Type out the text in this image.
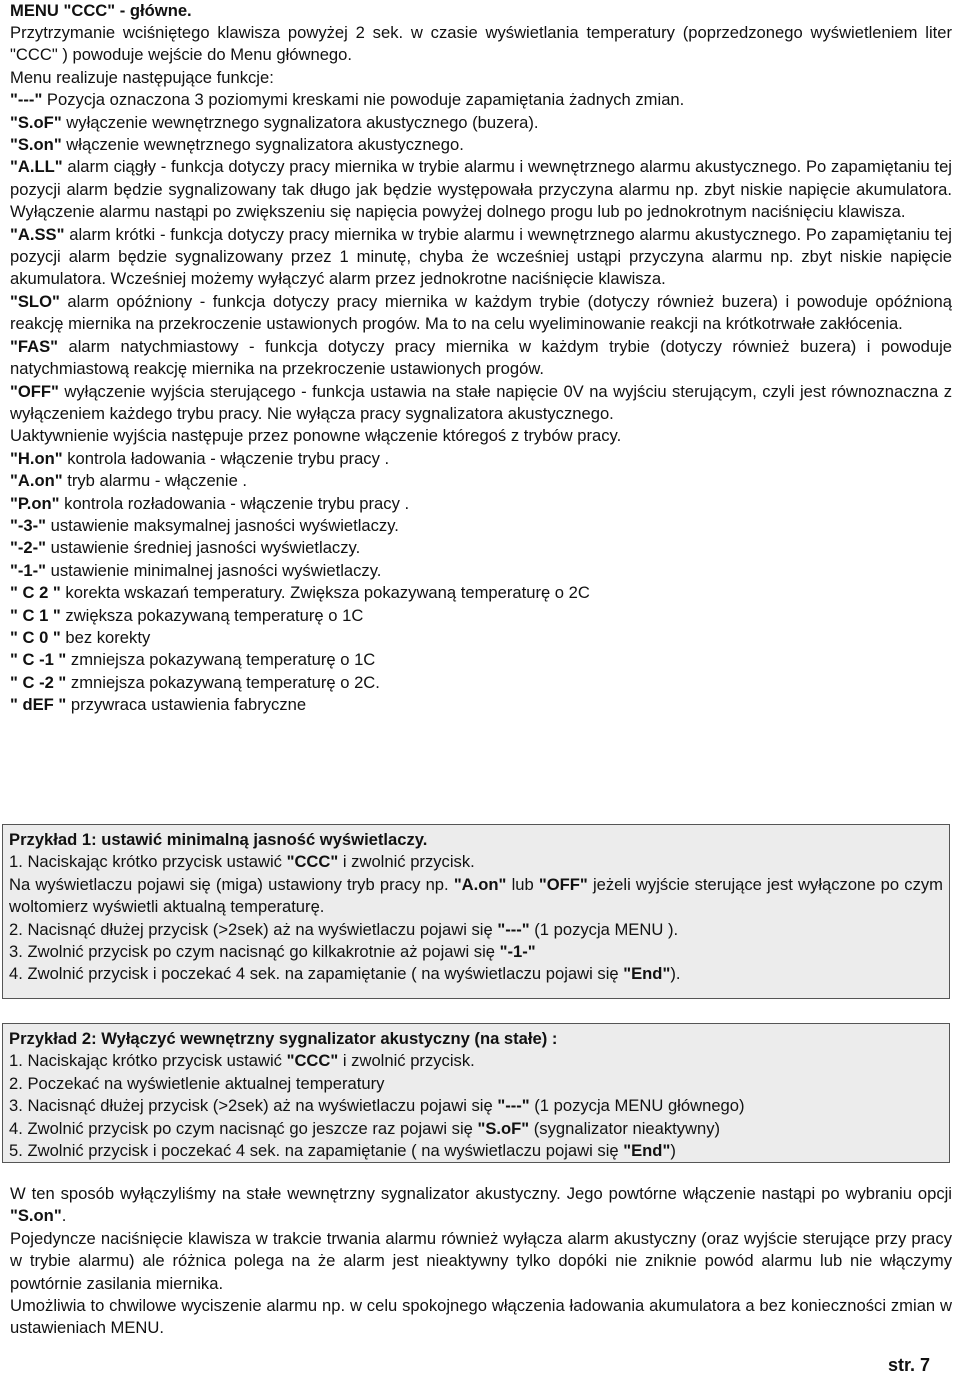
MENU "CCC" - główne.

Przytrzymanie wciśniętego klawisza powyżej 2 sek. w czasie wyświetlania temperatury (poprzedzonego wyświetleniem liter "CCC" ) powoduje wejście do Menu głównego.

Menu realizuje następujące funkcje:

"---" Pozycja oznaczona 3 poziomymi kreskami nie powoduje zapamiętania żadnych zmian.

"S.oF" wyłączenie wewnętrznego sygnalizatora akustycznego (buzera).

"S.on" włączenie wewnętrznego sygnalizatora akustycznego.

"A.LL" alarm ciągły - funkcja dotyczy pracy miernika w trybie alarmu i wewnętrznego alarmu akustycznego. Po zapamiętaniu tej pozycji alarm będzie sygnalizowany tak długo jak będzie występowała przyczyna alarmu np. zbyt niskie napięcie akumulatora. Wyłączenie alarmu nastąpi po zwiększeniu się napięcia powyżej dolnego progu lub po jednokrotnym naciśnięciu klawisza.

"A.SS" alarm krótki - funkcja dotyczy pracy miernika w trybie alarmu i wewnętrznego alarmu akustycznego. Po zapamiętaniu tej pozycji alarm będzie sygnalizowany przez 1 minutę, chyba że wcześniej ustąpi przyczyna alarmu np. zbyt niskie napięcie akumulatora. Wcześniej możemy wyłączyć alarm przez jednokrotne naciśnięcie klawisza.

"SLO" alarm opóźniony - funkcja dotyczy pracy miernika w każdym trybie (dotyczy również buzera) i powoduje opóźnioną reakcję miernika na przekroczenie ustawionych progów. Ma to na celu wyeliminowanie reakcji na krótkotrwałe zakłócenia.

"FAS" alarm natychmiastowy - funkcja dotyczy pracy miernika w każdym trybie (dotyczy również buzera) i powoduje natychmiastową reakcję miernika na przekroczenie ustawionych progów.

"OFF" wyłączenie wyjścia sterującego - funkcja ustawia na stałe napięcie 0V na wyjściu sterującym, czyli jest równoznaczna z wyłączeniem każdego trybu pracy. Nie wyłącza pracy sygnalizatora akustycznego.

Uaktywnienie wyjścia następuje przez ponowne włączenie któregoś z trybów pracy.

"H.on" kontrola ładowania - włączenie trybu pracy .

"A.on" tryb alarmu - włączenie .

"P.on" kontrola rozładowania - włączenie trybu pracy .

"-3-" ustawienie maksymalnej jasności wyświetlaczy.

"-2-" ustawienie średniej jasności wyświetlaczy.

"-1-" ustawienie minimalnej jasności wyświetlaczy.

" C 2 " korekta wskazań temperatury. Zwiększa pokazywaną temperaturę o 2C

" C 1 " zwiększa pokazywaną temperaturę o 1C

" C 0 " bez korekty

" C -1 " zmniejsza pokazywaną temperaturę o 1C

" C -2 " zmniejsza pokazywaną temperaturę o 2C.

" dEF " przywraca ustawienia fabryczne

Przykład 1: ustawić minimalną jasność wyświetlaczy.

1. Naciskając krótko przycisk ustawić "CCC" i zwolnić przycisk.

Na wyświetlaczu pojawi się (miga) ustawiony tryb pracy np. "A.on" lub "OFF" jeżeli wyjście sterujące jest wyłączone po czym woltomierz wyświetli aktualną temperaturę.

2. Nacisnąć dłużej przycisk (>2sek) aż na wyświetlaczu pojawi się "---" (1 pozycja MENU ).

3. Zwolnić przycisk po czym nacisnąć go kilkakrotnie aż pojawi się "-1-"

4. Zwolnić przycisk i poczekać 4 sek. na zapamiętanie ( na wyświetlaczu pojawi się "End").

Przykład 2: Wyłączyć wewnętrzny sygnalizator akustyczny (na stałe) :

1. Naciskając krótko przycisk ustawić "CCC" i zwolnić przycisk.

2. Poczekać na wyświetlenie aktualnej temperatury

3. Nacisnąć dłużej przycisk (>2sek) aż na wyświetlaczu pojawi się "---" (1 pozycja MENU głównego)

4. Zwolnić przycisk po czym nacisnąć go jeszcze raz pojawi się "S.oF" (sygnalizator nieaktywny)

5. Zwolnić przycisk i poczekać 4 sek. na zapamiętanie ( na wyświetlaczu pojawi się "End")

W ten sposób wyłączyliśmy na stałe wewnętrzny sygnalizator akustyczny. Jego powtórne włączenie nastąpi po wybraniu opcji "S.on".

Pojedyncze naciśnięcie klawisza w trakcie trwania alarmu również wyłącza alarm akustyczny (oraz wyjście sterujące przy pracy w trybie alarmu) ale różnica polega na że alarm jest nieaktywny tylko dopóki nie zniknie powód alarmu lub nie włączymy powtórnie zasilania miernika.

Umożliwia to chwilowe wyciszenie alarmu np. w celu spokojnego włączenia ładowania akumulatora a bez konieczności zmian w ustawieniach MENU.

str. 7
